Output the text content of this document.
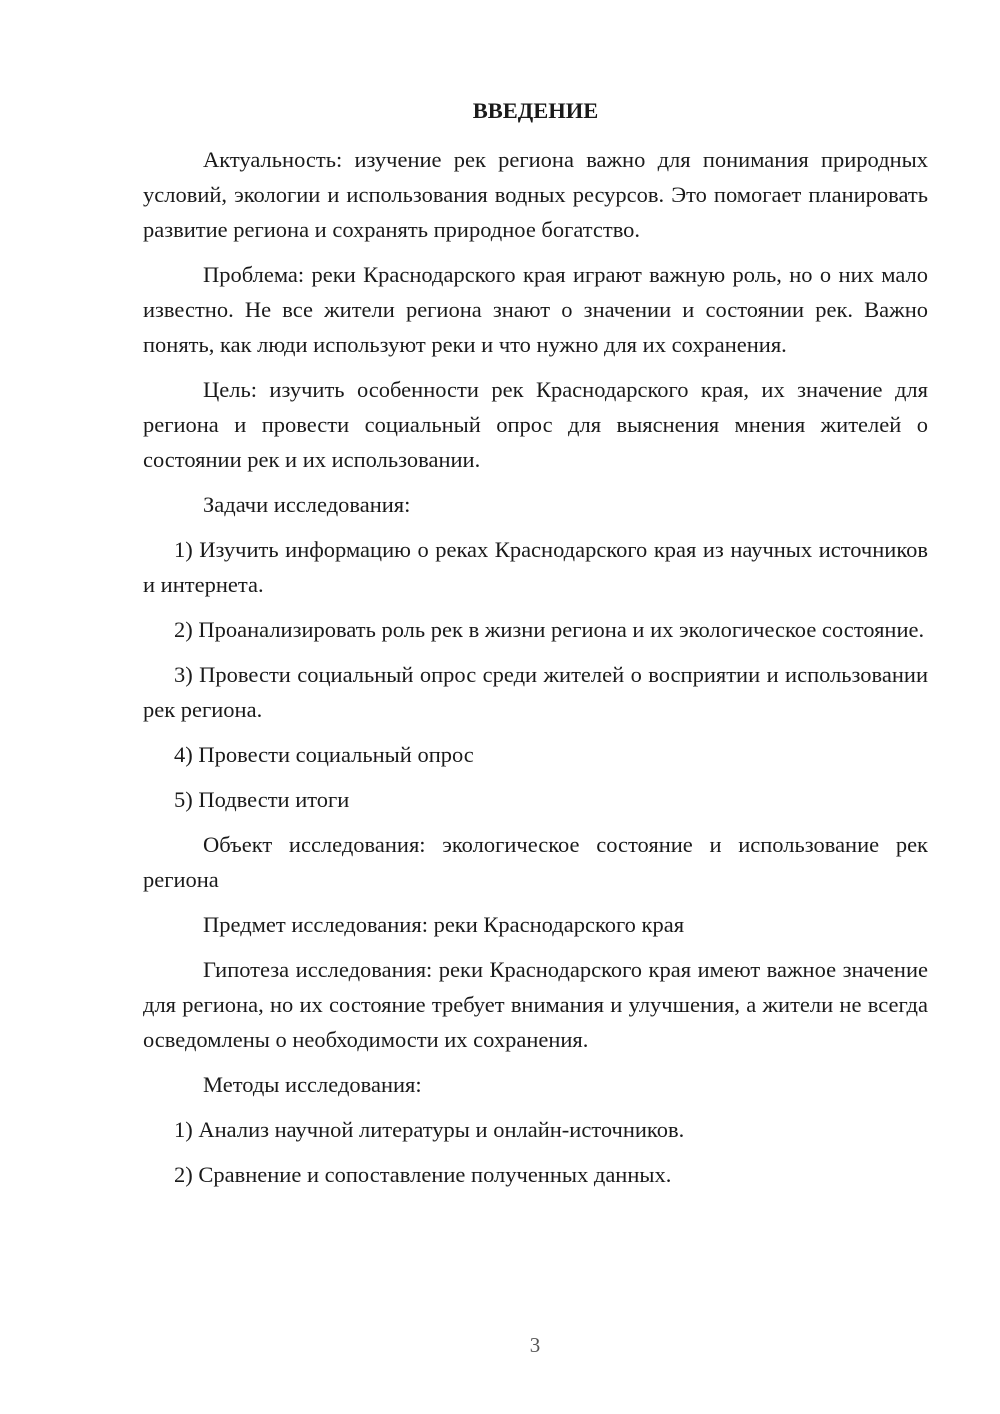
ВВЕДЕНИЕ

Актуальность: изучение рек региона важно для понимания природных условий, экологии и использования водных ресурсов. Это помогает планировать развитие региона и сохранять природное богатство.

Проблема: реки Краснодарского края играют важную роль, но о них мало известно. Не все жители региона знают о значении и состоянии рек. Важно понять, как люди используют реки и что нужно для их сохранения.

Цель: изучить особенности рек Краснодарского края, их значение для региона и провести социальный опрос для выяснения мнения жителей о состоянии рек и их использовании.

Задачи исследования:

1) Изучить информацию о реках Краснодарского края из научных источников и интернета.

2) Проанализировать роль рек в жизни региона и их экологическое состояние.

3) Провести социальный опрос среди жителей о восприятии и использовании рек региона.

4) Провести социальный опрос

5) Подвести итоги

Объект исследования: экологическое состояние и использование рек региона

Предмет исследования: реки Краснодарского края

Гипотеза исследования: реки Краснодарского края имеют важное значение для региона, но их состояние требует внимания и улучшения, а жители не всегда осведомлены о необходимости их сохранения.

Методы исследования:

1) Анализ научной литературы и онлайн-источников.

2) Сравнение и сопоставление полученных данных.

3
